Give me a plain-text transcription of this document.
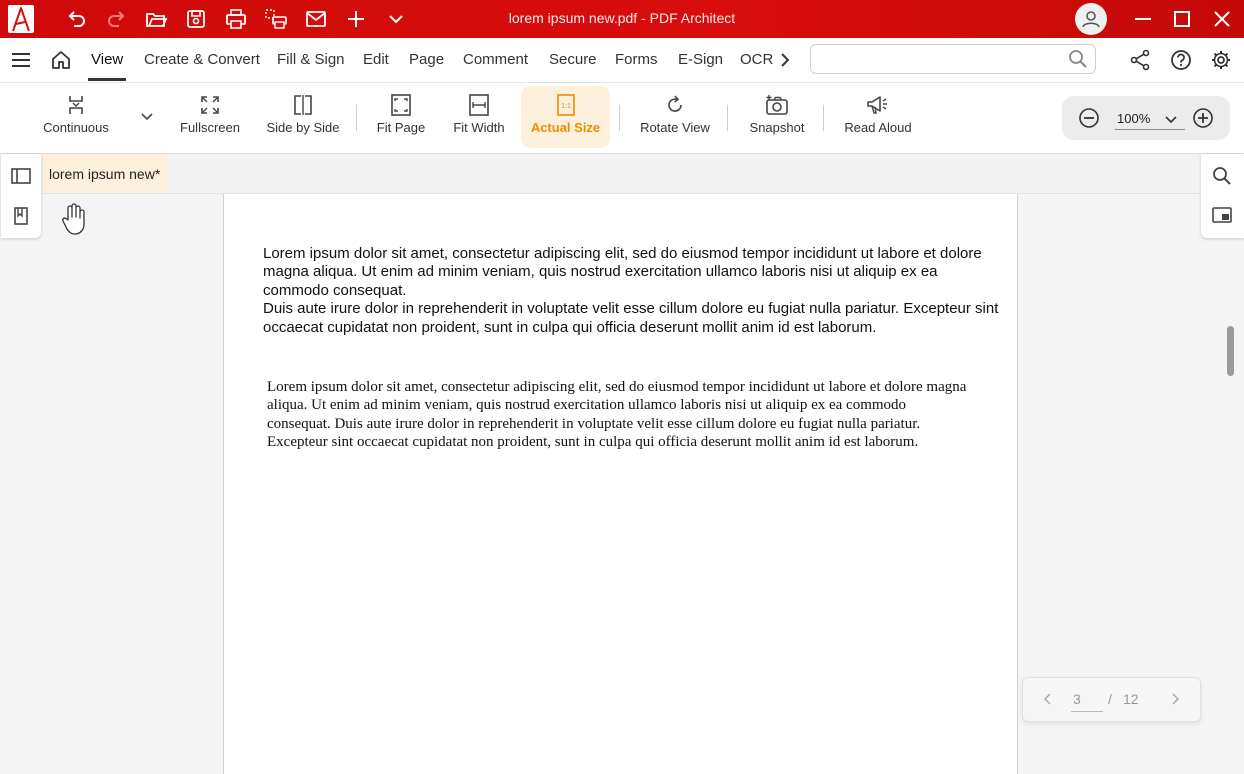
lorem ipsum new.pdf - PDF Architect
View Create & Convert Fill & Sign Edit Page Comment Secure Forms E-Sign OCR
Continuous	Fullscreen Side by Side	Fit Page Fit Width
1:1
Actual Size	Rotate View	Snapshot	Read Aloud
100%
lorem ipsum new*
Lorem ipsum dolor sit amet, consectetur adipiscing elit, sed do eiusmod tempor incididunt ut labore et dolore magna aliqua. Ut enim ad minim veniam, quis nostrud exercitation ullamco laboris nisi ut aliquip ex ea commodo consequat.
Duis aute irure dolor in reprehenderit in voluptate velit esse cillum dolore eu fugiat nulla pariatur. Excepteur sint occaecat cupidatat non proident, sunt in culpa qui officia deserunt mollit anim id est laborum.
Lorem ipsum dolor sit amet, consectetur adipiscing elit, sed do eiusmod tempor incididunt ut labore et dolore magna aliqua. Ut enim ad minim veniam, quis nostrud exercitation ullamco laboris nisi ut aliquip ex ea commodo consequat. Duis aute irure dolor in reprehenderit in voluptate velit esse cillum dolore eu fugiat nulla pariatur. Excepteur sint occaecat cupidatat non proident, sunt in culpa qui officia deserunt mollit anim id est laborum.
3	/ 12
